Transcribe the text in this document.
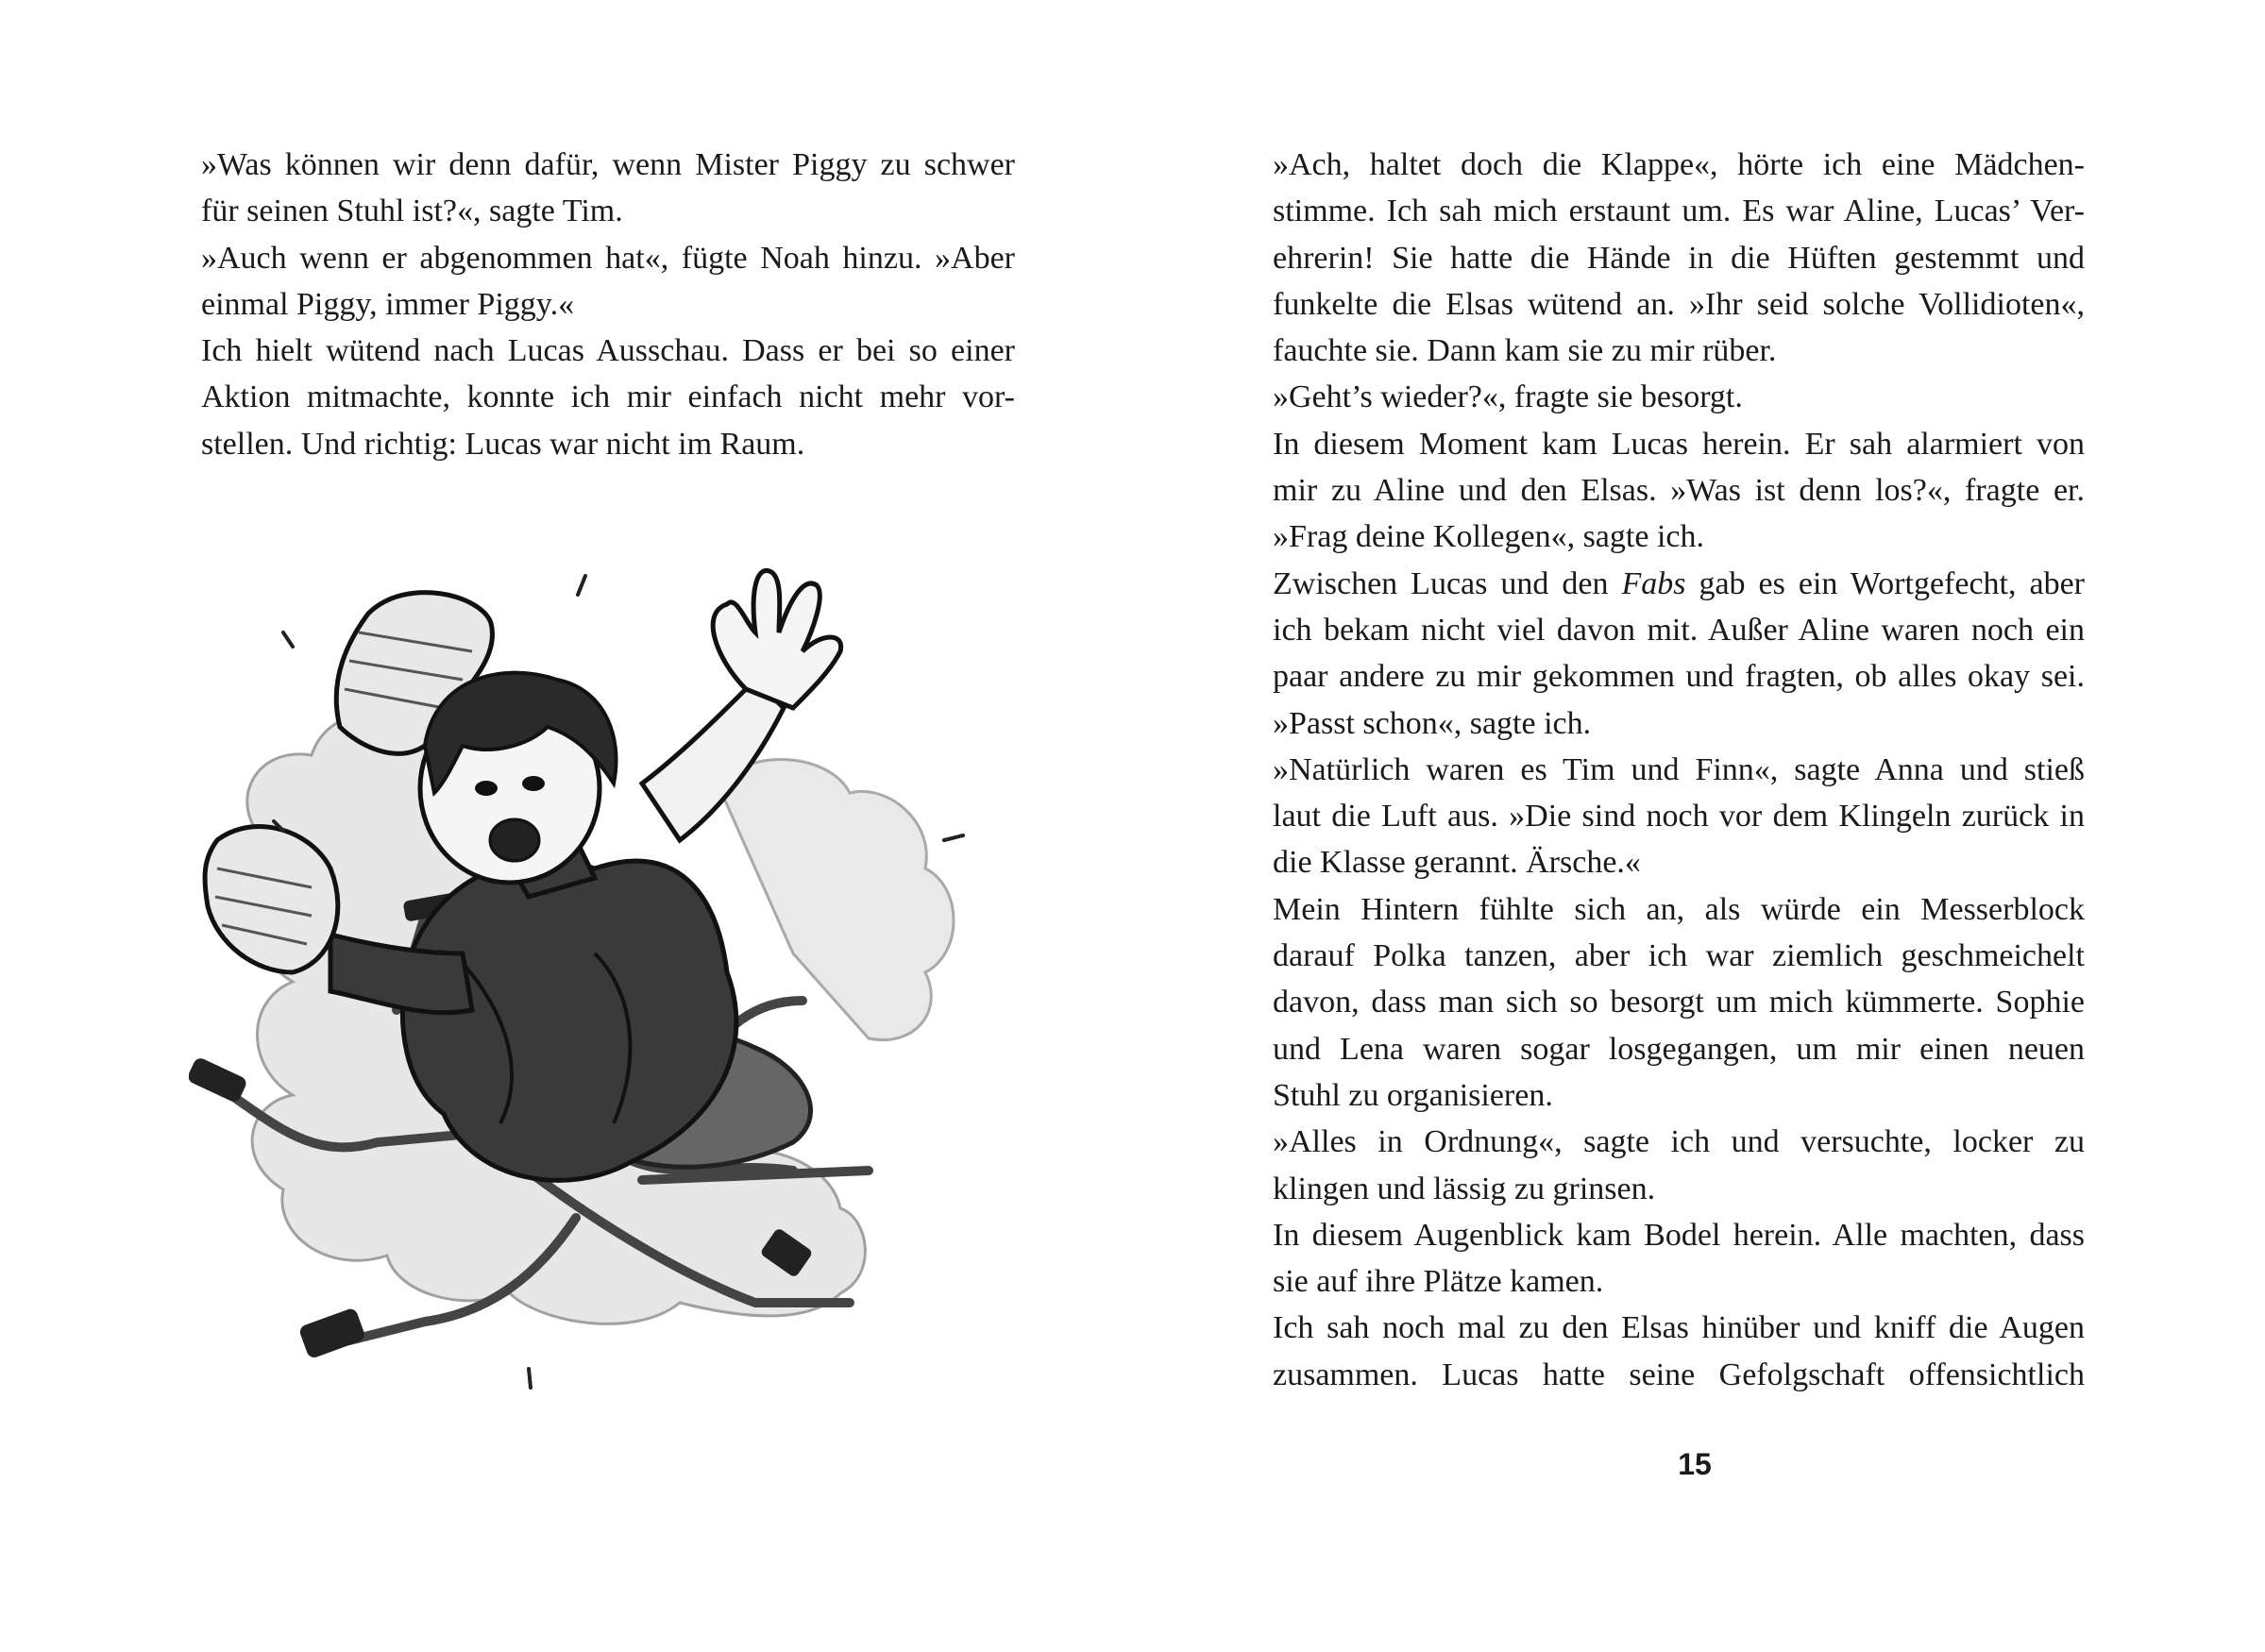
»Was können wir denn dafür, wenn Mister Piggy zu schwer
für seinen Stuhl ist?«, sagte Tim.
»Auch wenn er abgenommen hat«, fügte Noah hinzu. »Aber
einmal Piggy, immer Piggy.«
Ich hielt wütend nach Lucas Ausschau. Dass er bei so einer
Aktion mitmachte, konnte ich mir einfach nicht mehr vor-
stellen. Und richtig: Lucas war nicht im Raum.
»Ach, haltet doch die Klappe«, hörte ich eine Mädchen-
stimme. Ich sah mich erstaunt um. Es war Aline, Lucas’ Ver-
ehrerin! Sie hatte die Hände in die Hüften gestemmt und
funkelte die Elsas wütend an. »Ihr seid solche Vollidioten«,
fauchte sie. Dann kam sie zu mir rüber.
»Geht’s wieder?«, fragte sie besorgt.
In diesem Moment kam Lucas herein. Er sah alarmiert von
mir zu Aline und den Elsas. »Was ist denn los?«, fragte er.
»Frag deine Kollegen«, sagte ich.
Zwischen Lucas und den Fabs gab es ein Wortgefecht, aber
ich bekam nicht viel davon mit. Außer Aline waren noch ein
paar andere zu mir gekommen und fragten, ob alles okay sei.
»Passt schon«, sagte ich.
»Natürlich waren es Tim und Finn«, sagte Anna und stieß
laut die Luft aus. »Die sind noch vor dem Klingeln zurück in
die Klasse gerannt. Ärsche.«
Mein Hintern fühlte sich an, als würde ein Messerblock
darauf Polka tanzen, aber ich war ziemlich geschmeichelt
davon, dass man sich so besorgt um mich kümmerte. Sophie
und Lena waren sogar losgegangen, um mir einen neuen
Stuhl zu organisieren.
»Alles in Ordnung«, sagte ich und versuchte, locker zu
klingen und lässig zu grinsen.
In diesem Augenblick kam Bodel herein. Alle machten, dass
sie auf ihre Plätze kamen.
Ich sah noch mal zu den Elsas hinüber und kniff die Augen
zusammen. Lucas hatte seine Gefolgschaft offensichtlich
15
